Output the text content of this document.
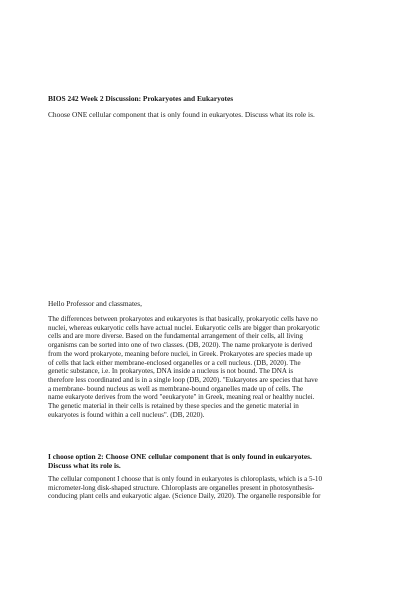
BIOS 242 Week 2 Discussion: Prokaryotes and Eukaryotes
Choose ONE cellular component that is only found in eukaryotes. Discuss what its role is.
Hello Professor and classmates,
The differences between prokaryotes and eukaryotes is that basically, prokaryotic cells have no
nuclei, whereas eukaryotic cells have actual nuclei. Eukaryotic cells are bigger than prokaryotic
cells and are more diverse. Based on the fundamental arrangement of their cells, all living
organisms can be sorted into one of two classes. (DB, 2020). The name prokaryote is derived
from the word prokaryote, meaning before nuclei, in Greek. Prokaryotes are species made up
of cells that lack either membrane-enclosed organelles or a cell nucleus. (DB, 2020). The
genetic substance, i.e. In prokaryotes, DNA inside a nucleus is not bound. The DNA is
therefore less coordinated and is in a single loop (DB, 2020). "Eukaryotes are species that have
a membrane- bound nucleus as well as membrane-bound organelles made up of cells. The
name eukaryote derives from the word "eeukaryote" in Greek, meaning real or healthy nuclei.
The genetic material in their cells is retained by these species and the genetic material in
eukaryotes is found within a cell nucleus". (DB, 2020).
I choose option 2: Choose ONE cellular component that is only found in eukaryotes.
Discuss what its role is.
The cellular component I choose that is only found in eukaryotes is chloroplasts, which is a 5-10
micrometer-long disk-shaped structure. Chloroplasts are organelles present in photosynthesis-
conducing plant cells and eukaryotic algae. (Science Daily, 2020). The organelle responsible for
